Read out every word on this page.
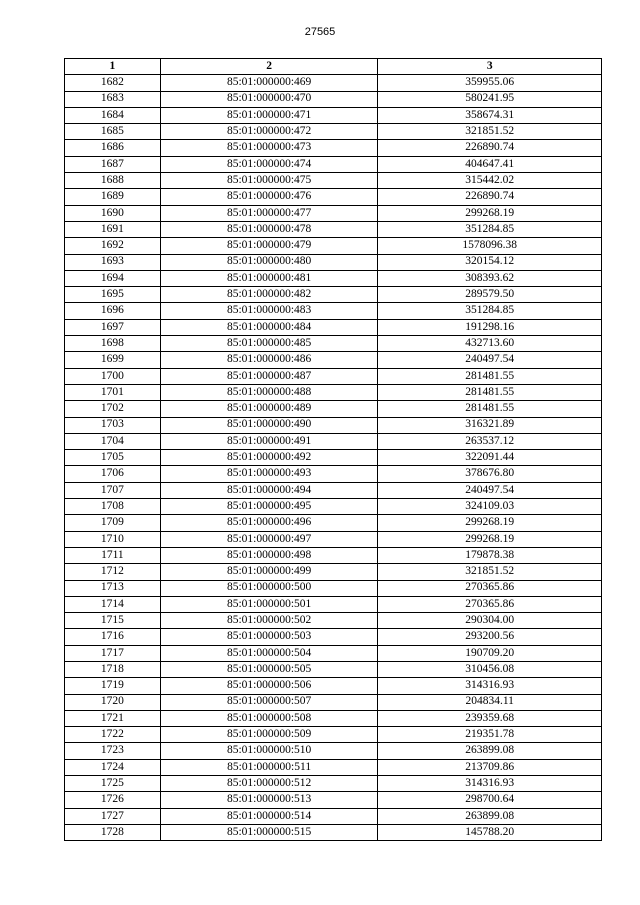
27565
1	2	3
1682	85:01:000000:469	359955.06
1683	85:01:000000:470	580241.95
1684	85:01:000000:471	358674.31
1685	85:01:000000:472	321851.52
1686	85:01:000000:473	226890.74
1687	85:01:000000:474	404647.41
1688	85:01:000000:475	315442.02
1689	85:01:000000:476	226890.74
1690	85:01:000000:477	299268.19
1691	85:01:000000:478	351284.85
1692	85:01:000000:479	1578096.38
1693	85:01:000000:480	320154.12
1694	85:01:000000:481	308393.62
1695	85:01:000000:482	289579.50
1696	85:01:000000:483	351284.85
1697	85:01:000000:484	191298.16
1698	85:01:000000:485	432713.60
1699	85:01:000000:486	240497.54
1700	85:01:000000:487	281481.55
1701	85:01:000000:488	281481.55
1702	85:01:000000:489	281481.55
1703	85:01:000000:490	316321.89
1704	85:01:000000:491	263537.12
1705	85:01:000000:492	322091.44
1706	85:01:000000:493	378676.80
1707	85:01:000000:494	240497.54
1708	85:01:000000:495	324109.03
1709	85:01:000000:496	299268.19
1710	85:01:000000:497	299268.19
1711	85:01:000000:498	179878.38
1712	85:01:000000:499	321851.52
1713	85:01:000000:500	270365.86
1714	85:01:000000:501	270365.86
1715	85:01:000000:502	290304.00
1716	85:01:000000:503	293200.56
1717	85:01:000000:504	190709.20
1718	85:01:000000:505	310456.08
1719	85:01:000000:506	314316.93
1720	85:01:000000:507	204834.11
1721	85:01:000000:508	239359.68
1722	85:01:000000:509	219351.78
1723	85:01:000000:510	263899.08
1724	85:01:000000:511	213709.86
1725	85:01:000000:512	314316.93
1726	85:01:000000:513	298700.64
1727	85:01:000000:514	263899.08
1728	85:01:000000:515	145788.20
